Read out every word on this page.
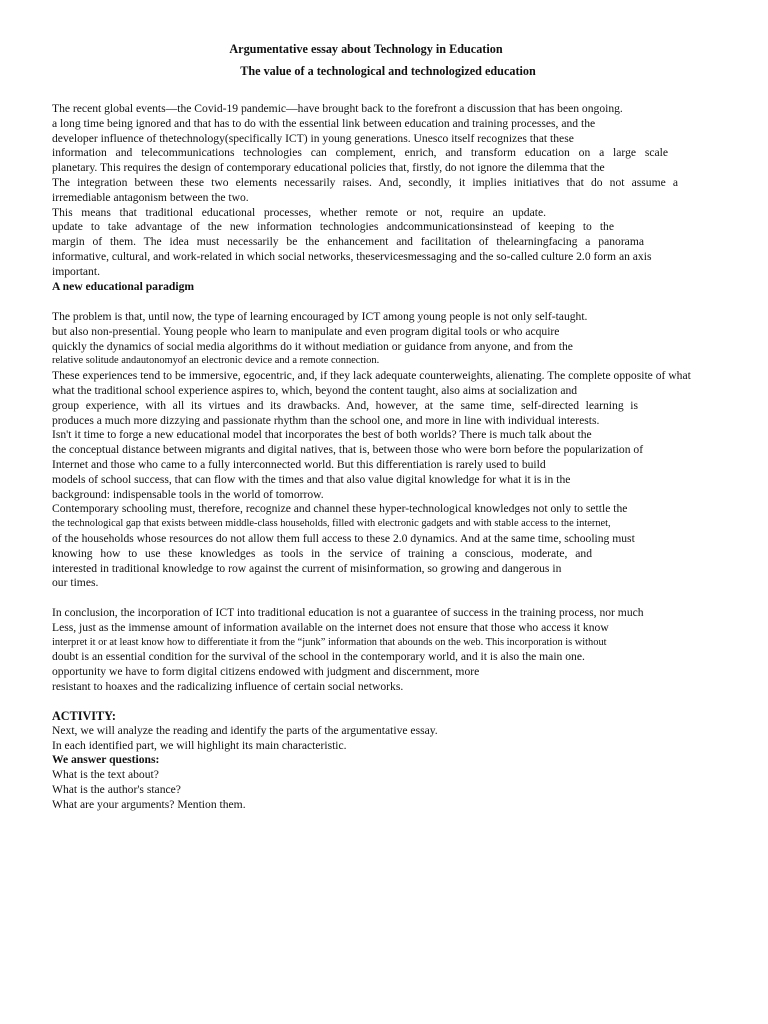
Argumentative essay about Technology in Education
The value of a technological and technologized education
The recent global events—the Covid-19 pandemic—have brought back to the forefront a discussion that has been ongoing.
a long time being ignored and that has to do with the essential link between education and training processes, and the
developer influence of thetechnology(specifically ICT) in young generations. Unesco itself recognizes that these
information and telecommunications technologies can complement, enrich, and transform education on a large scale
planetary. This requires the design of contemporary educational policies that, firstly, do not ignore the dilemma that the
The integration between these two elements necessarily raises. And, secondly, it implies initiatives that do not assume a
irremediable antagonism between the two.
This means that traditional educational processes, whether remote or not, require an update.
update to take advantage of the new information technologies andcommunicationsinstead of keeping to the
margin of them. The idea must necessarily be the enhancement and facilitation of thelearningfacing a panorama
informative, cultural, and work-related in which social networks, theservicesmessaging and the so-called culture 2.0 form an axis
important.
A new educational paradigm
The problem is that, until now, the type of learning encouraged by ICT among young people is not only self-taught.
but also non-presential. Young people who learn to manipulate and even program digital tools or who acquire
quickly the dynamics of social media algorithms do it without mediation or guidance from anyone, and from the
relative solitude andautonomyof an electronic device and a remote connection.
These experiences tend to be immersive, egocentric, and, if they lack adequate counterweights, alienating. The complete opposite of what
what the traditional school experience aspires to, which, beyond the content taught, also aims at socialization and
group experience, with all its virtues and its drawbacks. And, however, at the same time, self-directed learning is
produces a much more dizzying and passionate rhythm than the school one, and more in line with individual interests.
Isn't it time to forge a new educational model that incorporates the best of both worlds? There is much talk about the
the conceptual distance between migrants and digital natives, that is, between those who were born before the popularization of
Internet and those who came to a fully interconnected world. But this differentiation is rarely used to build
models of school success, that can flow with the times and that also value digital knowledge for what it is in the
background: indispensable tools in the world of tomorrow.
Contemporary schooling must, therefore, recognize and channel these hyper-technological knowledges not only to settle the
the technological gap that exists between middle-class households, filled with electronic gadgets and with stable access to the internet,
of the households whose resources do not allow them full access to these 2.0 dynamics. And at the same time, schooling must
knowing how to use these knowledges as tools in the service of training a conscious, moderate, and
interested in traditional knowledge to row against the current of misinformation, so growing and dangerous in
our times.
In conclusion, the incorporation of ICT into traditional education is not a guarantee of success in the training process, nor much
Less, just as the immense amount of information available on the internet does not ensure that those who access it know
interpret it or at least know how to differentiate it from the “junk” information that abounds on the web. This incorporation is without
doubt is an essential condition for the survival of the school in the contemporary world, and it is also the main one.
opportunity we have to form digital citizens endowed with judgment and discernment, more
resistant to hoaxes and the radicalizing influence of certain social networks.
ACTIVITY:
Next, we will analyze the reading and identify the parts of the argumentative essay.
In each identified part, we will highlight its main characteristic.
We answer questions:
What is the text about?
What is the author's stance?
What are your arguments? Mention them.
